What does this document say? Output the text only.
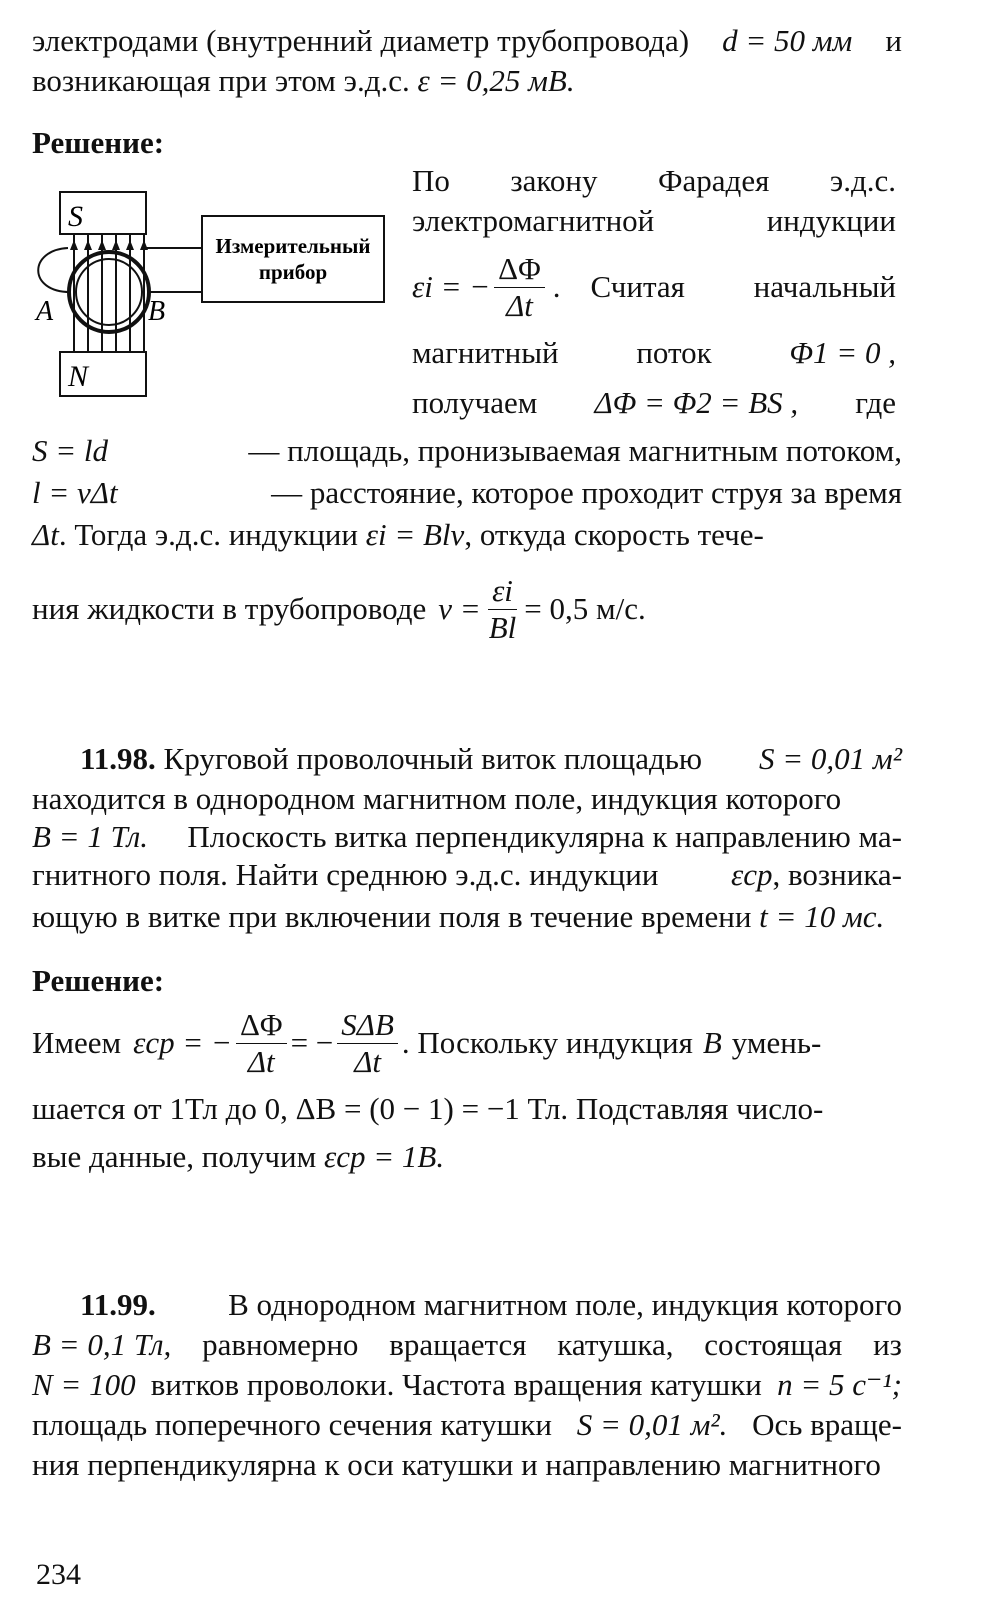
электродами (внутренний диаметр трубопровода) d = 50 мм и
возникающая при этом э.д.с. ε = 0,25 мВ.
Решение:
S
N
Измерительный
прибор
A	B
По закону Фарадея э.д.с.
электромагнитной	индукции
εi = − $\frac{\Delta\Phi}{\Delta t}$ . Считая начальный
магнитный	поток	Φ1 = 0 ,
получаем ΔΦ = Φ2 = BS , где
S = ld	— площадь, пронизываемая магнитным потоком,
l = vΔt	— расстояние, которое проходит струя за время
Δt. Тогда э.д.с. индукции εi = Blv, откуда скорость тече-
ния жидкости в трубопроводе $v = \frac{\varepsilon i}{Bl} = 0,5$ м/с.
11.98. Круговой проволочный виток площадью S = 0,01 м²
находится в однородном магнитном поле, индукция которого
B = 1 Тл. Плоскость витка перпендикулярна к направлению ма-
гнитного поля. Найти среднюю э.д.с. индукции εср, возника-
ющую в витке при включении поля в течение времени t = 10 мс.
Решение:
Имеем εср = − $\frac{\Delta\Phi}{\Delta t}$ = − $\frac{\text{SΔB}}{\Delta t}$ . Поскольку индукция B умень-
шается от 1Тл до 0, ΔB = (0 − 1) = −1 Тл. Подставляя число-
вые данные, получим εср = 1В.
11.99. В однородном магнитном поле, индукция которого
B = 0,1 Тл, равномерно вращается катушка, состоящая из
N = 100 витков проволоки. Частота вращения катушки n = 5 с⁻¹;
площадь поперечного сечения катушки S = 0,01 м². Ось враще-
ния перпендикулярна к оси катушки и направлению магнитного
234
